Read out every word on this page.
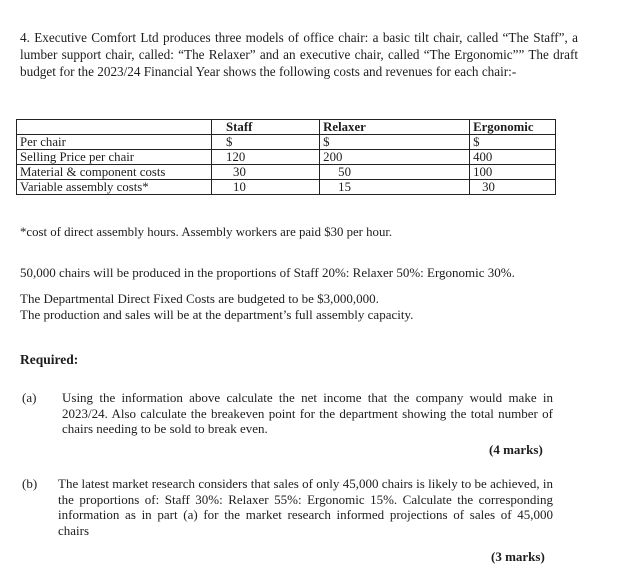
4. Executive Comfort Ltd produces three models of office chair: a basic tilt chair, called “The Staff”, a lumber support chair, called: “The Relaxer” and an executive chair, called “The Ergonomic”” The draft budget for the 2023/24 Financial Year shows the following costs and revenues for each chair:-

	Staff	Relaxer	Ergonomic
Per chair	$	$	$
Selling Price per chair	120	200	400
Material & component costs	30	50	100
Variable assembly costs*	10	15	30
*cost of direct assembly hours. Assembly workers are paid $30 per hour.

50,000 chairs will be produced in the proportions of Staff 20%: Relaxer 50%: Ergonomic 30%.

The Departmental Direct Fixed Costs are budgeted to be $3,000,000.

The production and sales will be at the department’s full assembly capacity.

Required:
(a) Using the information above calculate the net income that the company would make in 2023/24. Also calculate the breakeven point for the department showing the total number of chairs needing to be sold to break even.
(4 marks)
(b) The latest market research considers that sales of only 45,000 chairs is likely to be achieved, in the proportions of: Staff 30%: Relaxer 55%: Ergonomic 15%. Calculate the corresponding information as in part (a) for the market research informed projections of sales of 45,000 chairs
(3 marks)
